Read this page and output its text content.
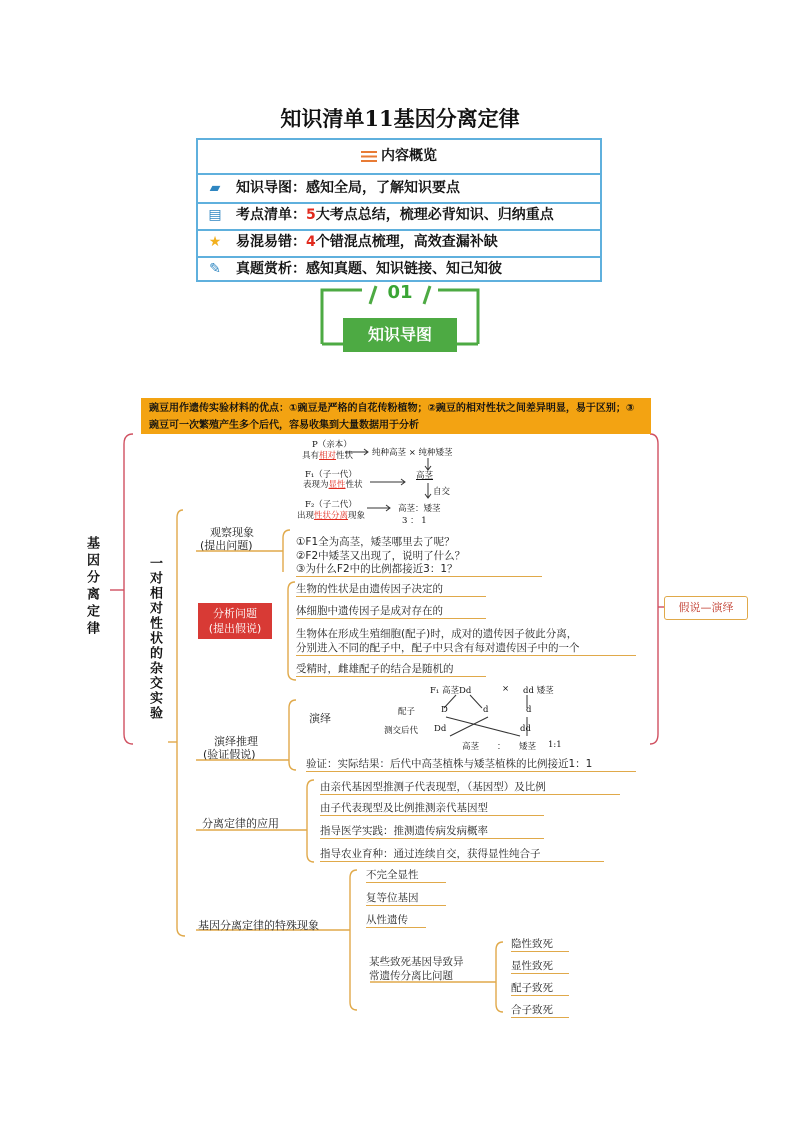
知识清单11基因分离定律
内容概览
▰ 知识导图：感知全局，了解知识要点
▤ 考点清单：5大考点总结，梳理必背知识、归纳重点
★ 易混易错：4个错混点梳理，高效查漏补缺
✎ 真题赏析：感知真题、知识链接、知己知彼
01
知识导图
豌豆用作遗传实验材料的优点：①豌豆是严格的自花传粉植物；②豌豆的相对性状之间差异明显，易于区别；③豌豆可一次繁殖产生多个后代，容易收集到大量数据用于分析
基因分离定律	一对相对性状的杂交实验	假说—演绎
P（亲本）
具有相对性状 纯种高茎 × 纯种矮茎
F₁（子一代）
表现为显性性状
高茎
自交
F₂（子二代）
出现性状分离现象
高茎：矮茎
3 ： 1
观察现象
(提出问题)	①F1全为高茎，矮茎哪里去了呢？
②F2中矮茎又出现了，说明了什么？
③为什么F2中的比例都接近3：1？
分析问题
(提出假说)
生物的性状是由遗传因子决定的
体细胞中遗传因子是成对存在的
生物体在形成生殖细胞(配子)时，成对的遗传因子彼此分离，
分别进入不同的配子中，配子中只含有每对遗传因子中的一个
受精时，雌雄配子的结合是随机的
演绎推理
(验证假说)
演绎
F₁ 高茎Dd	× dd 矮茎
配子	D	d	d
测交后代 Dd	dd
高茎 ： 矮茎 1:1
验证：实际结果：后代中高茎植株与矮茎植株的比例接近1：1
分离定律的应用
由亲代基因型推测子代表现型，（基因型）及比例
由子代表现型及比例推测亲代基因型
指导医学实践：推测遗传病发病概率
指导农业育种：通过连续自交，获得显性纯合子
基因分离定律的特殊现象
不完全显性
复等位基因
从性遗传
某些致死基因导致异
常遗传分离比问题
隐性致死
显性致死
配子致死
合子致死
